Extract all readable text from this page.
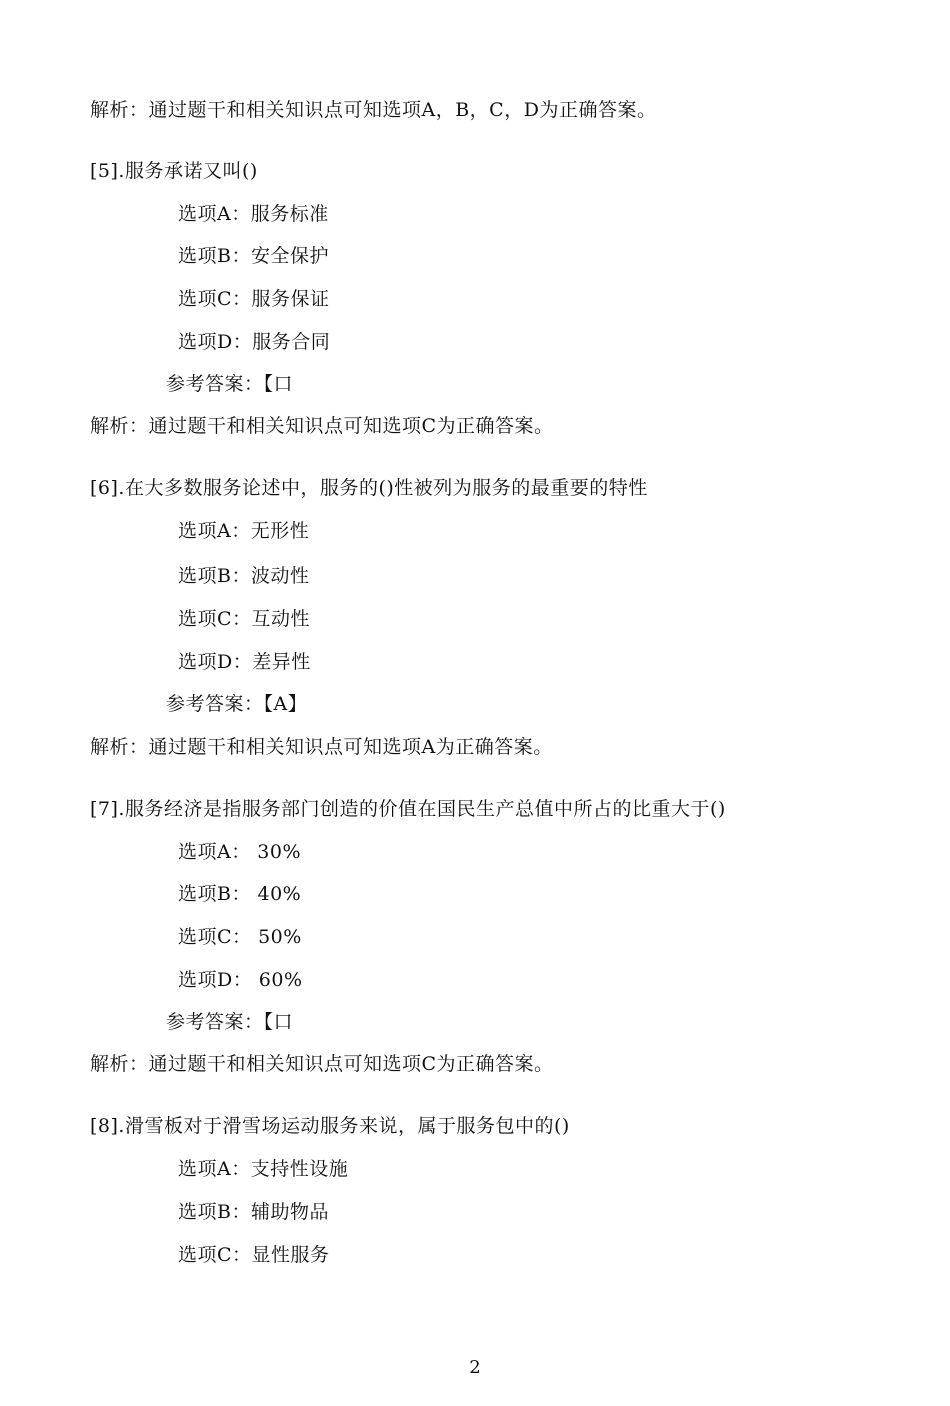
解析：通过题干和相关知识点可知选项A，B，C，D为正确答案。
[5].服务承诺又叫()
选项A：服务标准
选项B：安全保护
选项C：服务保证
选项D：服务合同
参考答案：【口
解析：通过题干和相关知识点可知选项C为正确答案。
[6].在大多数服务论述中，服务的()性被列为服务的最重要的特性
选项A：无形性
选项B：波动性
选项C：互动性
选项D：差异性
参考答案：【A】
解析：通过题干和相关知识点可知选项A为正确答案。
[7].服务经济是指服务部门创造的价值在国民生产总值中所占的比重大于()
选项A： 30%
选项B： 40%
选项C： 50%
选项D： 60%
参考答案：【口
解析：通过题干和相关知识点可知选项C为正确答案。
[8].滑雪板对于滑雪场运动服务来说，属于服务包中的()
选项A：支持性设施
选项B：辅助物品
选项C：显性服务
2
